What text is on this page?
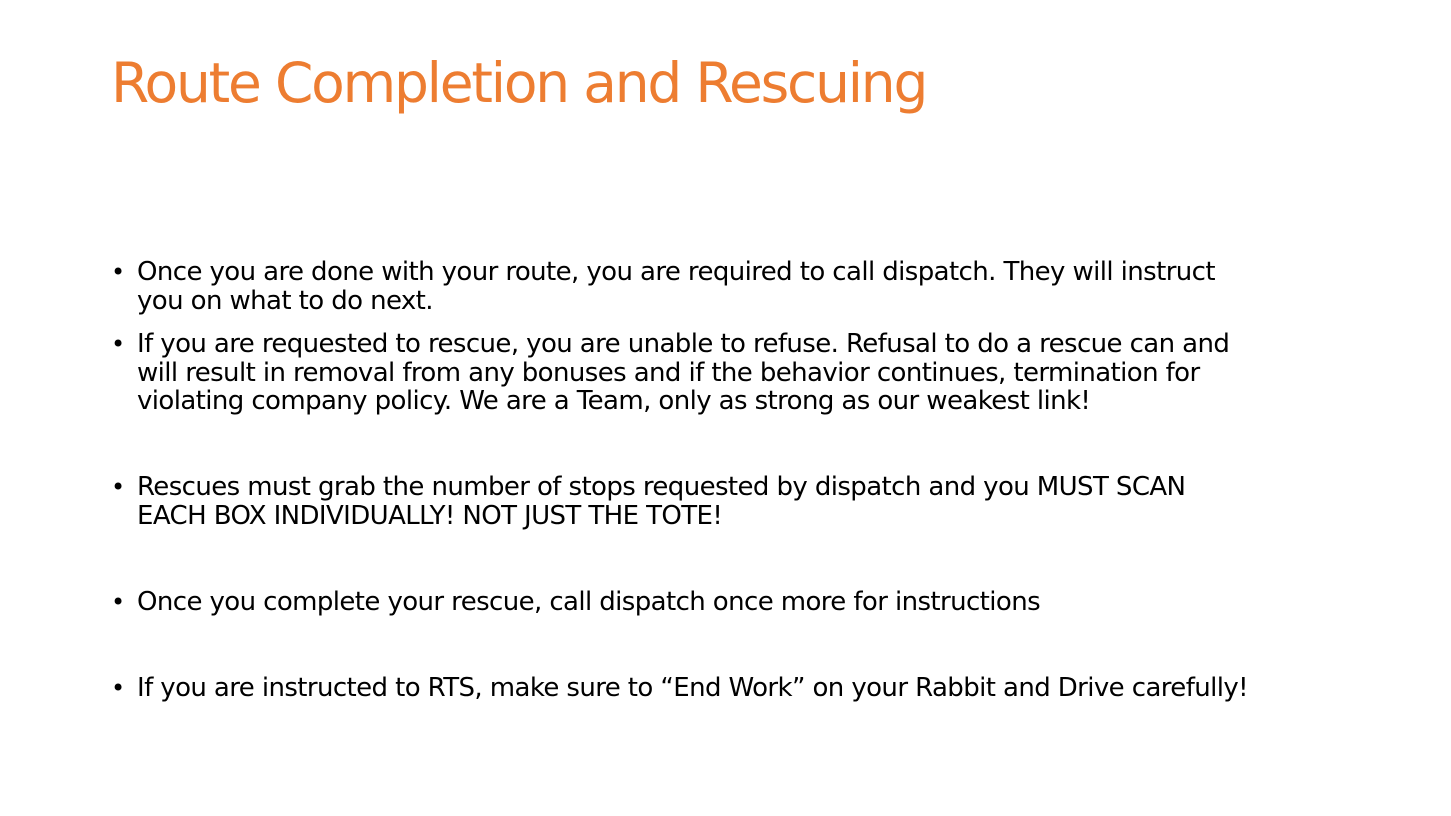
Route Completion and Rescuing
• Once you are done with your route, you are required to call dispatch. They will instruct
you on what to do next.
• If you are requested to rescue, you are unable to refuse. Refusal to do a rescue can and
will result in removal from any bonuses and if the behavior continues, termination for
violating company policy. We are a Team, only as strong as our weakest link!
• Rescues must grab the number of stops requested by dispatch and you MUST SCAN
EACH BOX INDIVIDUALLY! NOT JUST THE TOTE!
• Once you complete your rescue, call dispatch once more for instructions
• If you are instructed to RTS, make sure to “End Work” on your Rabbit and Drive carefully!
